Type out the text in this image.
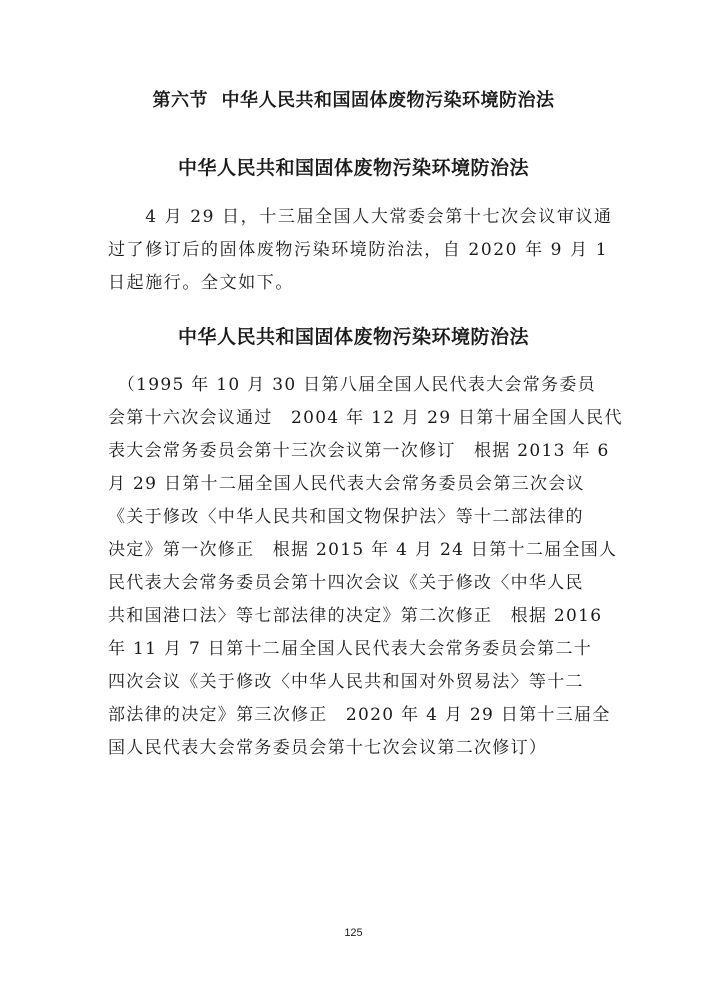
第六节  中华人民共和国固体废物污染环境防治法
中华人民共和国固体废物污染环境防治法
　　4 月 29 日，十三届全国人大常委会第十七次会议审议通
过了修订后的固体废物污染环境防治法，自 2020 年 9 月 1
日起施行。全文如下。
中华人民共和国固体废物污染环境防治法
　（1995 年 10 月 30 日第八届全国人民代表大会常务委员
会第十六次会议通过　2004 年 12 月 29 日第十届全国人民代
表大会常务委员会第十三次会议第一次修订　根据 2013 年 6
月 29 日第十二届全国人民代表大会常务委员会第三次会议
《关于修改〈中华人民共和国文物保护法〉等十二部法律的
决定》第一次修正　根据 2015 年 4 月 24 日第十二届全国人
民代表大会常务委员会第十四次会议《关于修改〈中华人民
共和国港口法〉等七部法律的决定》第二次修正　根据 2016
年 11 月 7 日第十二届全国人民代表大会常务委员会第二十
四次会议《关于修改〈中华人民共和国对外贸易法〉等十二
部法律的决定》第三次修正　2020 年 4 月 29 日第十三届全
国人民代表大会常务委员会第十七次会议第二次修订）
125
